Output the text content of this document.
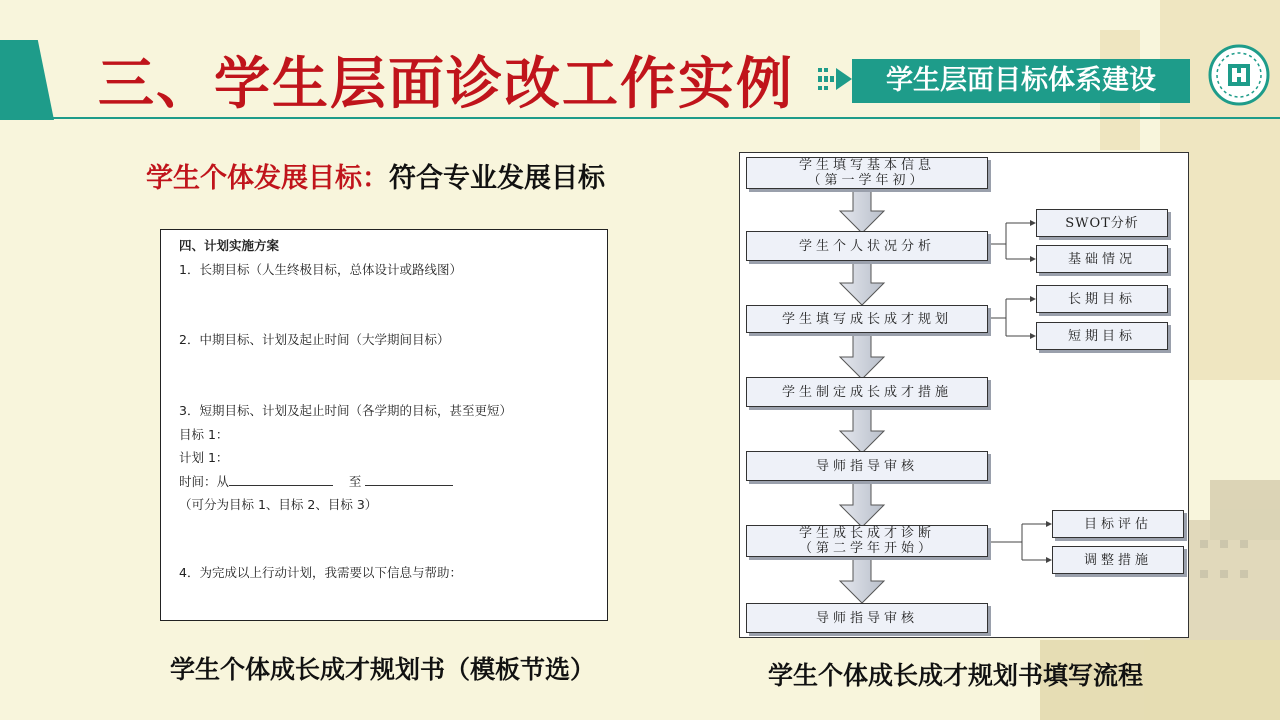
三、学生层面诊改工作实例	学生层面目标体系建设
学生个体发展目标：符合专业发展目标
四、计划实施方案
1．长期目标（人生终极目标，总体设计或路线图）
2．中期目标、计划及起止时间（大学期间目标）
3．短期目标、计划及起止时间（各学期的目标，甚至更短）
目标 1：
计划 1：
时间：从	至
（可分为目标 1、目标 2、目标 3）
4．为完成以上行动计划，我需要以下信息与帮助：
学生个体成长成才规划书（模板节选）
学生填写基本信息
（第一学年初）
学生个人状况分析
学生填写成长成才规划
学生制定成长成才措施
导师指导审核
学生成长成才诊断
（第二学年开始）
导师指导审核
SWOT分析
基础情况
长期目标
短期目标
目标评估
调整措施
学生个体成长成才规划书填写流程
